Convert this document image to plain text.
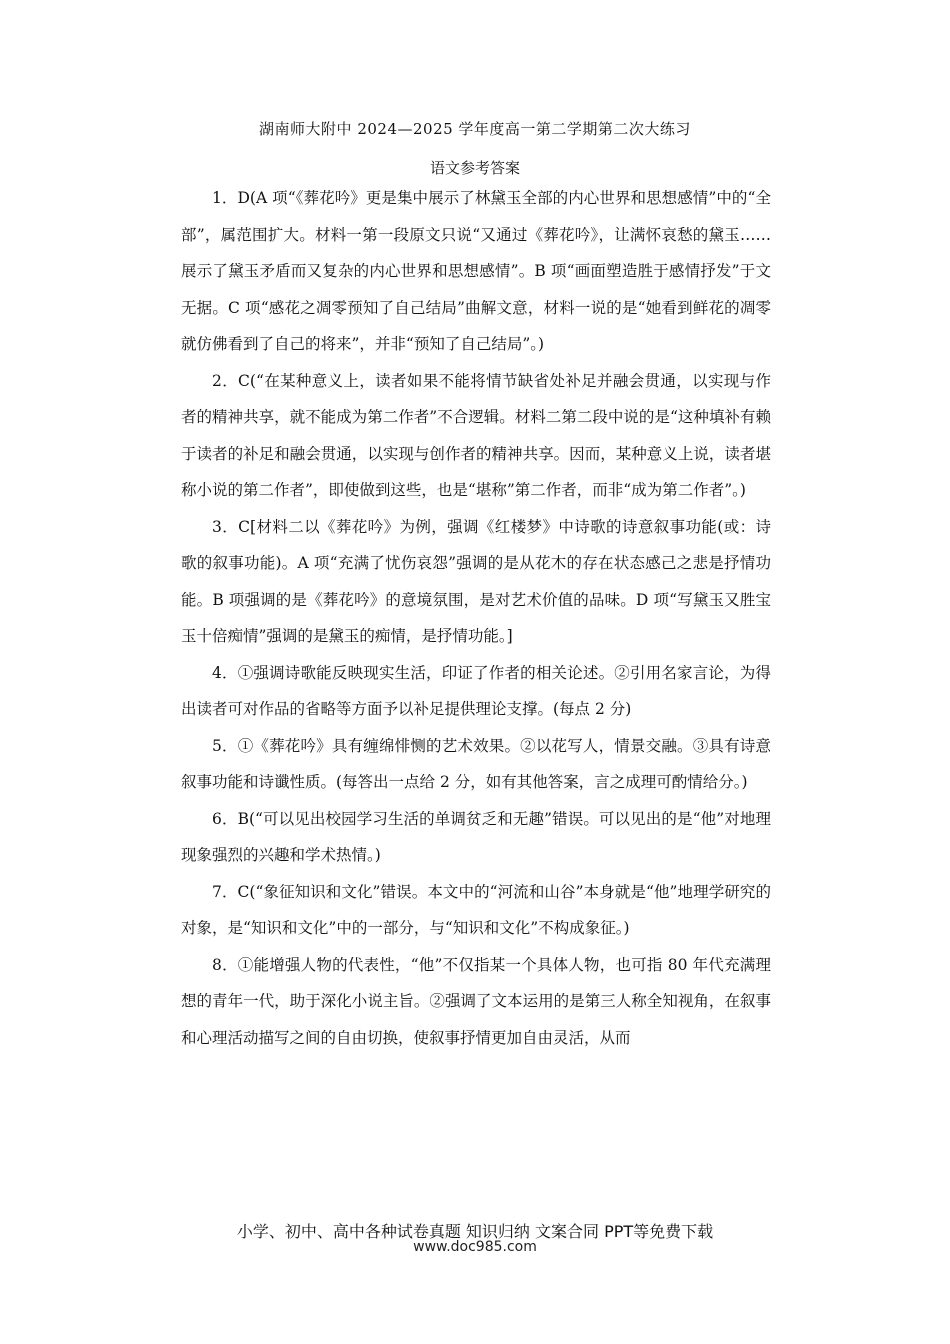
湖南师大附中 2024—2025 学年度高一第二学期第二次大练习
语文参考答案

1．D(A 项“《葬花吟》更是集中展示了林黛玉全部的内心世界和思想感情”中的“全部”，属范围扩大。材料一第一段原文只说“又通过《葬花吟》，让满怀哀愁的黛玉……展示了黛玉矛盾而又复杂的内心世界和思想感情”。B 项“画面塑造胜于感情抒发”于文无据。C 项“感花之凋零预知了自己结局”曲解文意，材料一说的是“她看到鲜花的凋零就仿佛看到了自己的将来”，并非“预知了自己结局”。)

2．C(“在某种意义上，读者如果不能将情节缺省处补足并融会贯通，以实现与作者的精神共享，就不能成为第二作者”不合逻辑。材料二第二段中说的是“这种填补有赖于读者的补足和融会贯通，以实现与创作者的精神共享。因而，某种意义上说，读者堪称小说的第二作者”，即使做到这些，也是“堪称”第二作者，而非“成为第二作者”。)

3．C[材料二以《葬花吟》为例，强调《红楼梦》中诗歌的诗意叙事功能(或：诗歌的叙事功能)。A 项“充满了忧伤哀怨”强调的是从花木的存在状态感己之悲是抒情功能。B 项强调的是《葬花吟》的意境氛围，是对艺术价值的品味。D 项“写黛玉又胜宝玉十倍痴情”强调的是黛玉的痴情，是抒情功能。]

4．①强调诗歌能反映现实生活，印证了作者的相关论述。②引用名家言论，为得出读者可对作品的省略等方面予以补足提供理论支撑。(每点 2 分)

5．①《葬花吟》具有缠绵悱恻的艺术效果。②以花写人，情景交融。③具有诗意叙事功能和诗谶性质。(每答出一点给 2 分，如有其他答案，言之成理可酌情给分。)

6．B(“可以见出校园学习生活的单调贫乏和无趣”错误。可以见出的是“他”对地理现象强烈的兴趣和学术热情。)

7．C(“象征知识和文化”错误。本文中的“河流和山谷”本身就是“他”地理学研究的对象，是“知识和文化”中的一部分，与“知识和文化”不构成象征。)

8．①能增强人物的代表性，“他”不仅指某一个具体人物，也可指 80 年代充满理想的青年一代，助于深化小说主旨。②强调了文本运用的是第三人称全知视角，在叙事和心理活动描写之间的自由切换，使叙事抒情更加自由灵活，从而

小学、初中、高中各种试卷真题 知识归纳 文案合同 PPT等免费下载
www.doc985.com
